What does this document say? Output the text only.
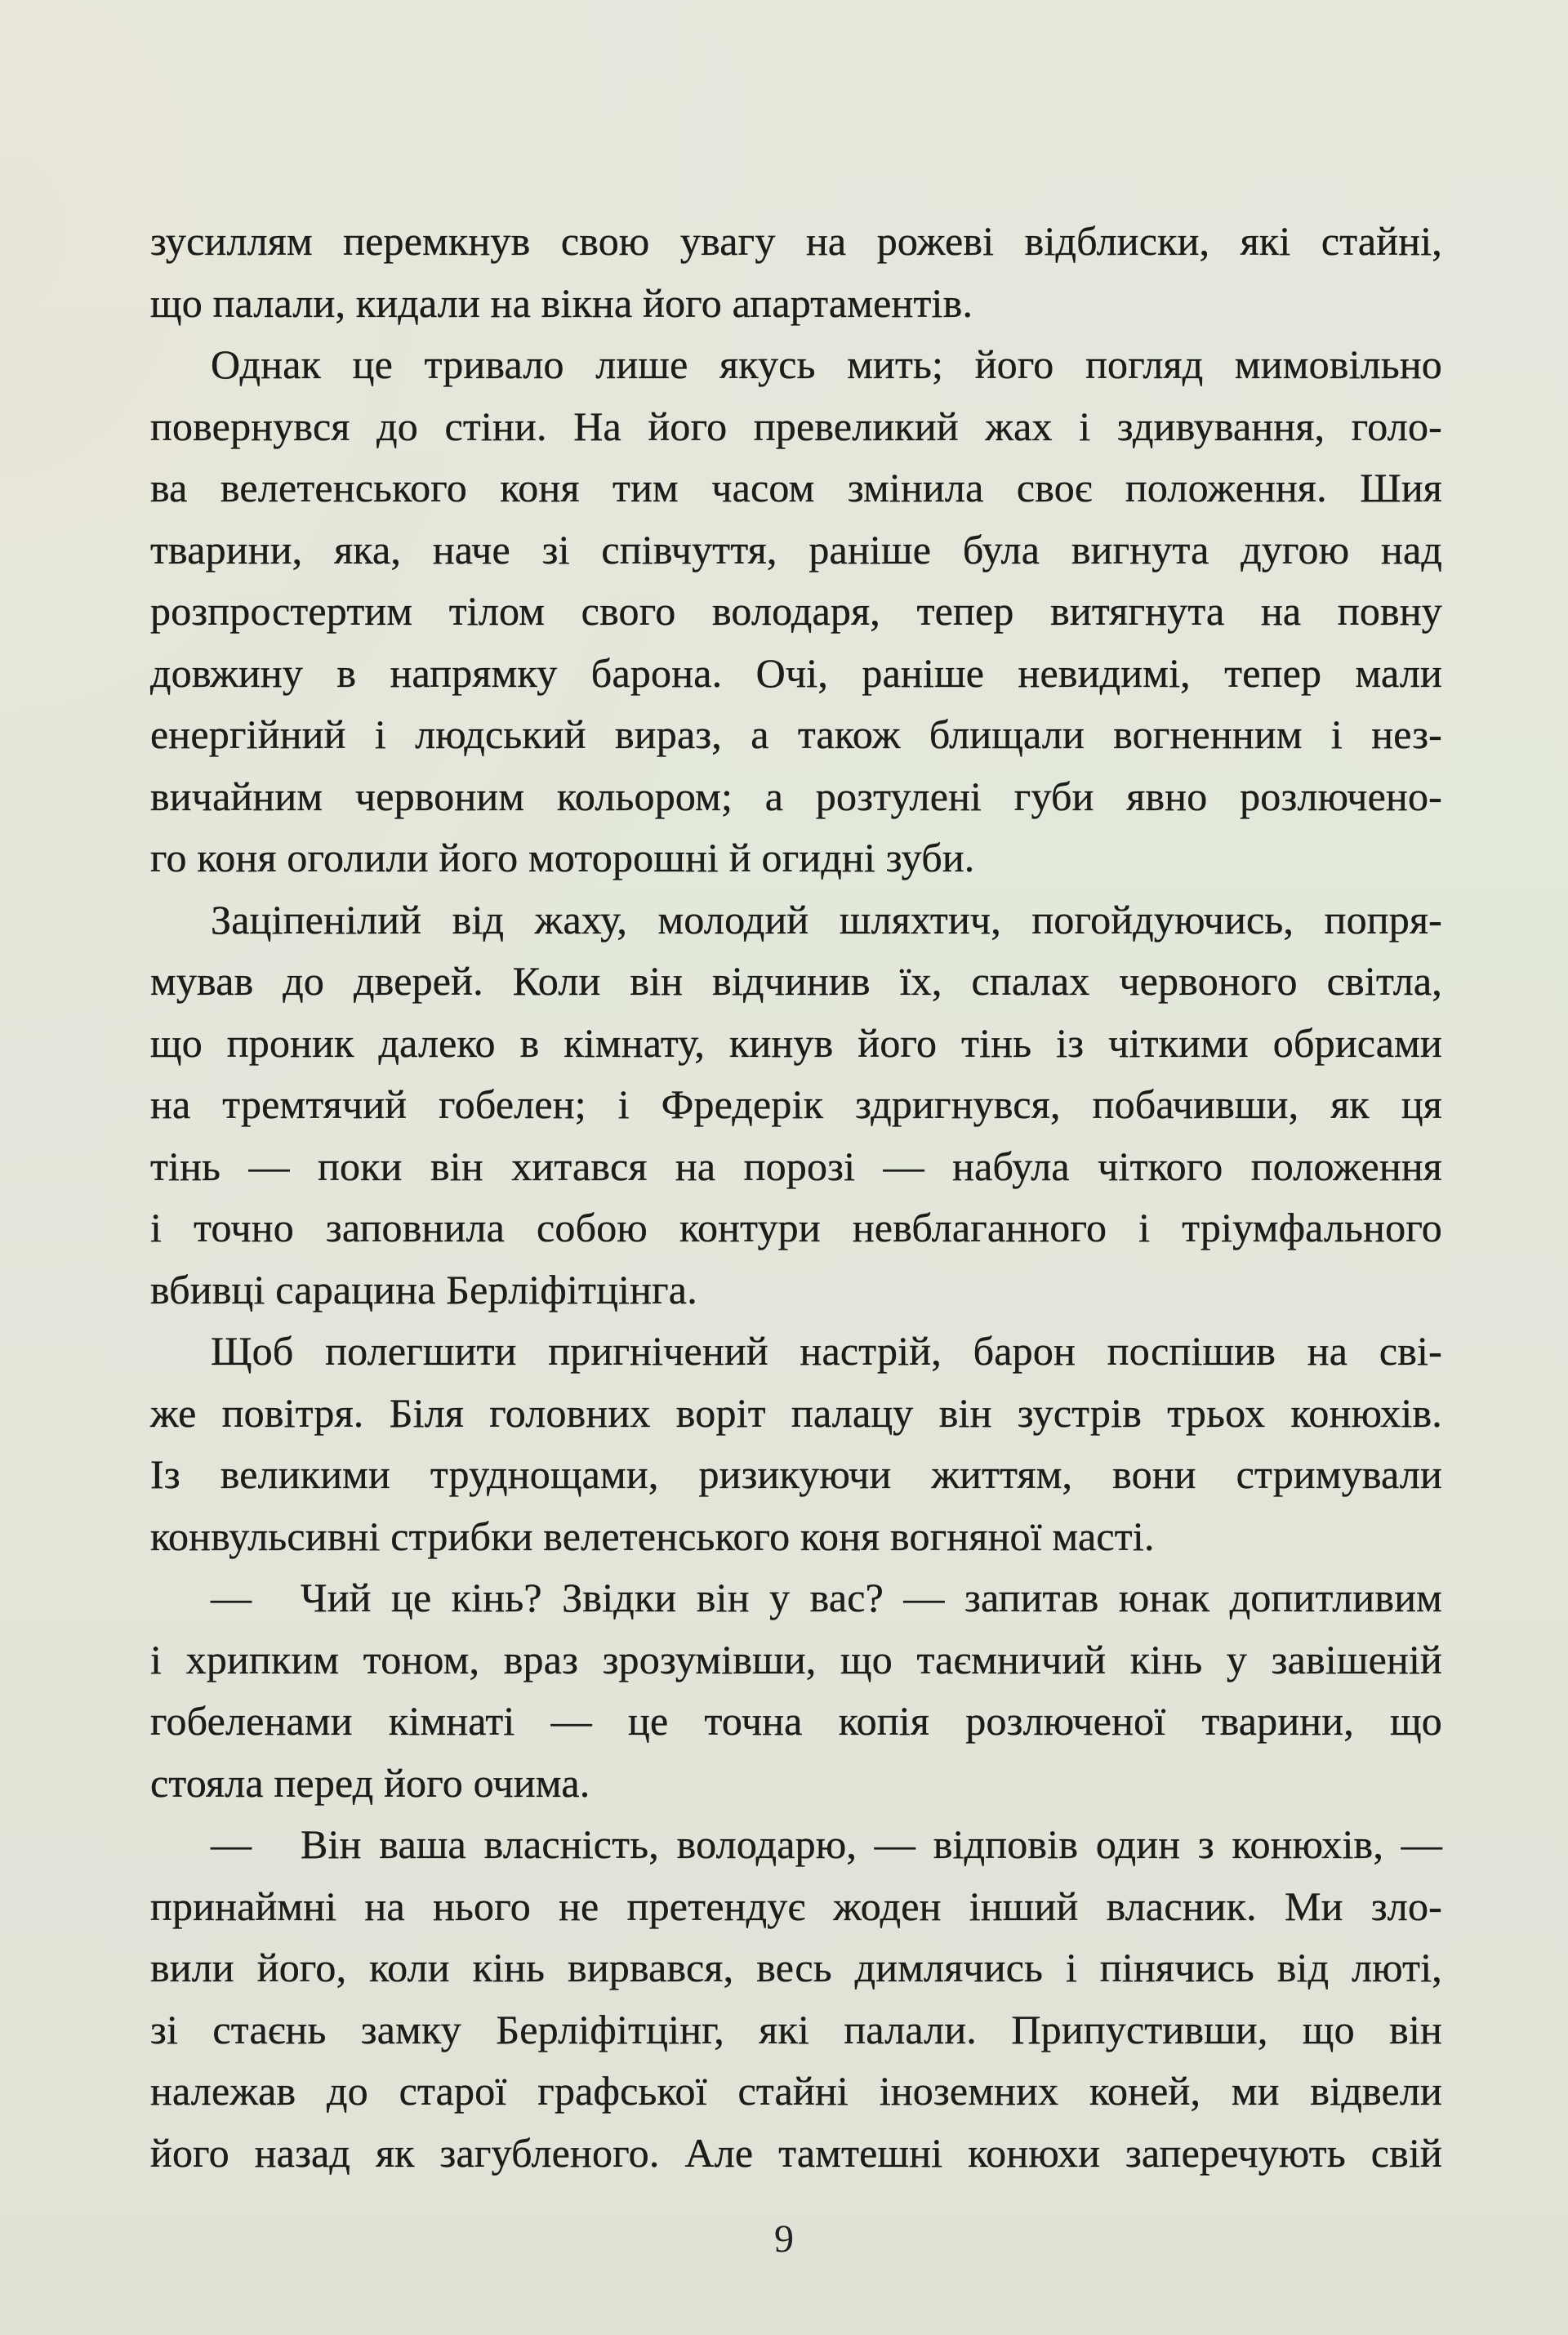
зусиллям перемкнув свою увагу на рожеві відблиски, які стайні,
що палали, кидали на вікна його апартаментів.
Однак це тривало лише якусь мить; його погляд мимовільно
повернувся до стіни. На його превеликий жах і здивування, голо-
ва велетенського коня тим часом змінила своє положення. Шия
тварини, яка, наче зі співчуття, раніше була вигнута дугою над
розпростертим тілом свого володаря, тепер витягнута на повну
довжину в напрямку барона. Очі, раніше невидимі, тепер мали
енергійний і людський вираз, а також блищали вогненним і нез-
вичайним червоним кольором; а розтулені губи явно розлючено-
го коня оголили його моторошні й огидні зуби.
Заціпенілий від жаху, молодий шляхтич, погойдуючись, попря-
мував до дверей. Коли він відчинив їх, спалах червоного світла,
що проник далеко в кімнату, кинув його тінь із чіткими обрисами
на тремтячий гобелен; і Фредерік здригнувся, побачивши, як ця
тінь — поки він хитався на порозі — набула чіткого положення
і точно заповнила собою контури невблаганного і тріумфального
вбивці сарацина Берліфітцінга.
Щоб полегшити пригнічений настрій, барон поспішив на сві-
же повітря. Біля головних воріт палацу він зустрів трьох конюхів.
Із великими труднощами, ризикуючи життям, вони стримували
конвульсивні стрибки велетенського коня вогняної масті.
— Чий це кінь? Звідки він у вас? — запитав юнак допитливим
і хрипким тоном, враз зрозумівши, що таємничий кінь у завішеній
гобеленами кімнаті — це точна копія розлюченої тварини, що
стояла перед його очима.
— Він ваша власність, володарю, — відповів один з конюхів, —
принаймні на нього не претендує жоден інший власник. Ми зло-
вили його, коли кінь вирвався, весь димлячись і пінячись від люті,
зі стаєнь замку Берліфітцінг, які палали. Припустивши, що він
належав до старої графської стайні іноземних коней, ми відвели
його назад як загубленого. Але тамтешні конюхи заперечують свій
9
